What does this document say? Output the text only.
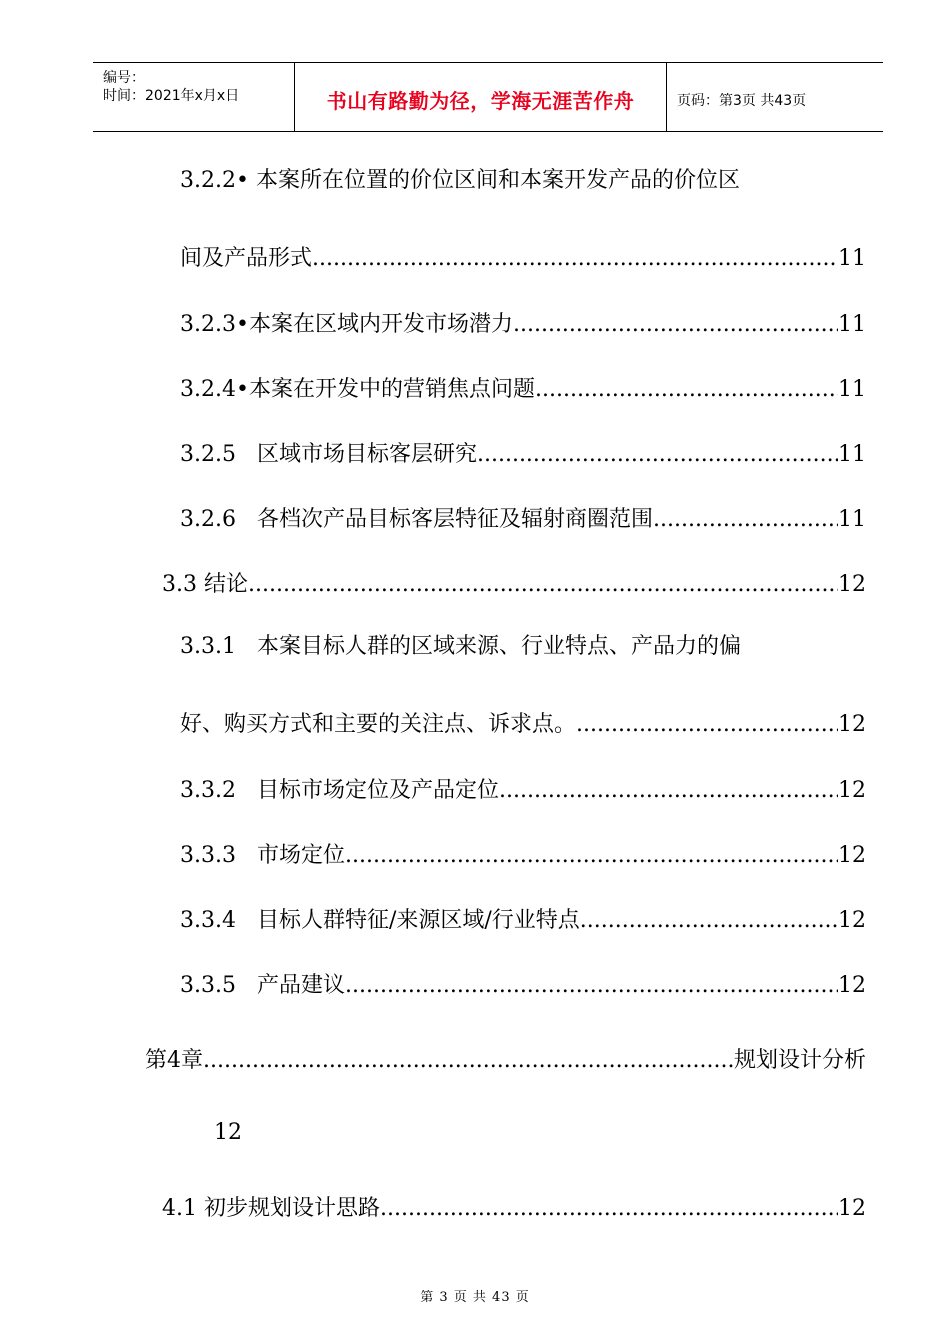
编号：
时间：2021年x月x日	书山有路勤为径，学海无涯苦作舟	页码：第3页 共43页
3.2.2• 本案所在位置的价位区间和本案开发产品的价位区
间及产品形式 .....	11
3.2.3• 本案在区域内开发市场潜力 .....	11
3.2.4• 本案在开发中的营销焦点问题 .....	11
3.2.5 区域市场目标客层研究 .....	11
3.2.6 各档次产品目标客层特征及辐射商圈范围 .....	11
3.3 结论 .....	12
3.3.1   本案目标人群的区域来源、行业特点、产品力的偏
好、购买方式和主要的关注点、诉求点。 .....	12
3.3.2 目标市场定位及产品定位 .....	12
3.3.3 市场定位 .....	12
3.3.4 目标人群特征/来源区域/行业特点 .....	12
3.3.5 产品建议 .....	12
第4章 .....	规划设计分析
12
4.1 初步规划设计思路 .....	12
第 3 页 共 43 页
